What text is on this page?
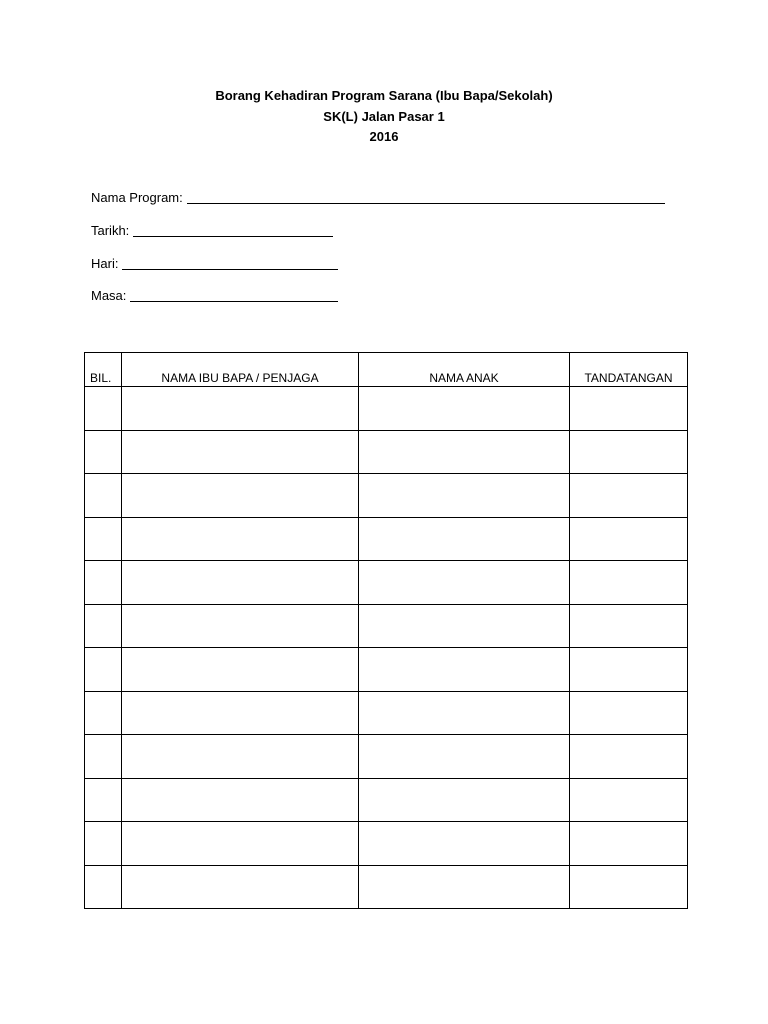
Borang Kehadiran Program Sarana (Ibu Bapa/Sekolah)
SK(L) Jalan Pasar 1
2016
Nama Program:
Tarikh:
Hari:
Masa:
BIL.	NAMA IBU BAPA / PENJAGA	NAMA ANAK	TANDATANGAN
